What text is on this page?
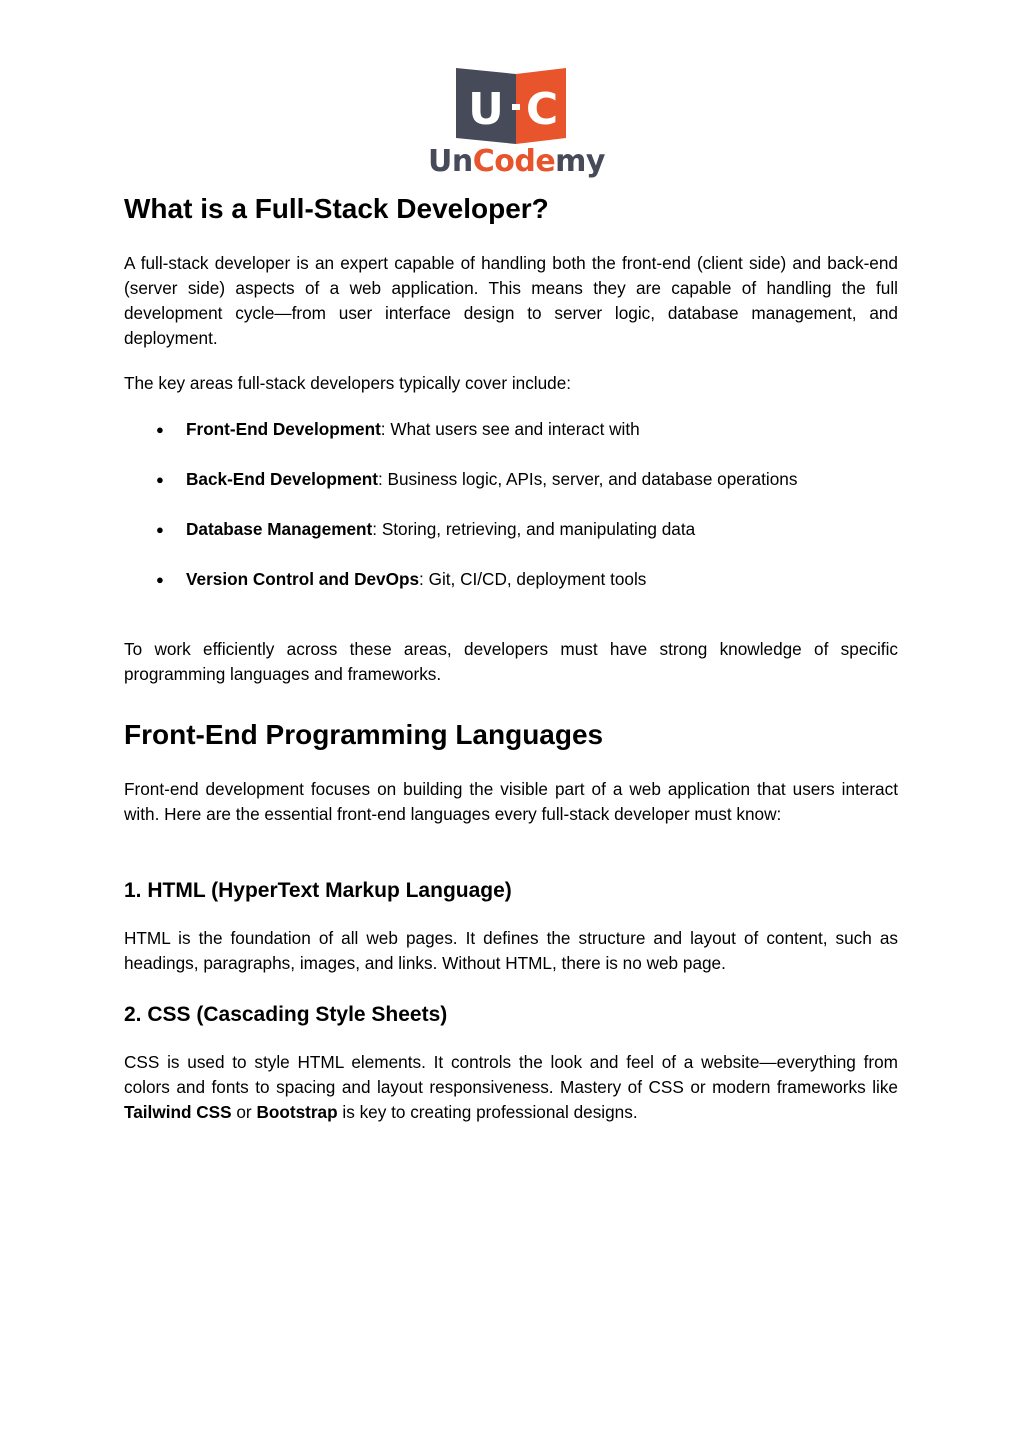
U C
UnCodemy
What is a Full-Stack Developer?

A full-stack developer is an expert capable of handling both the front-end (client side) and back-end (server side) aspects of a web application. This means they are capable of handling the full development cycle—from user interface design to server logic, database management, and deployment.

The key areas full-stack developers typically cover include:

● Front-End Development: What users see and interact with
● Back-End Development: Business logic, APIs, server, and database operations
● Database Management: Storing, retrieving, and manipulating data
● Version Control and DevOps: Git, CI/CD, deployment tools

To work efficiently across these areas, developers must have strong knowledge of specific programming languages and frameworks.

Front-End Programming Languages

Front-end development focuses on building the visible part of a web application that users interact with. Here are the essential front-end languages every full-stack developer must know:

1. HTML (HyperText Markup Language)

HTML is the foundation of all web pages. It defines the structure and layout of content, such as headings, paragraphs, images, and links. Without HTML, there is no web page.

2. CSS (Cascading Style Sheets)

CSS is used to style HTML elements. It controls the look and feel of a website—everything from colors and fonts to spacing and layout responsiveness. Mastery of CSS or modern frameworks like Tailwind CSS or Bootstrap is key to creating professional designs.
